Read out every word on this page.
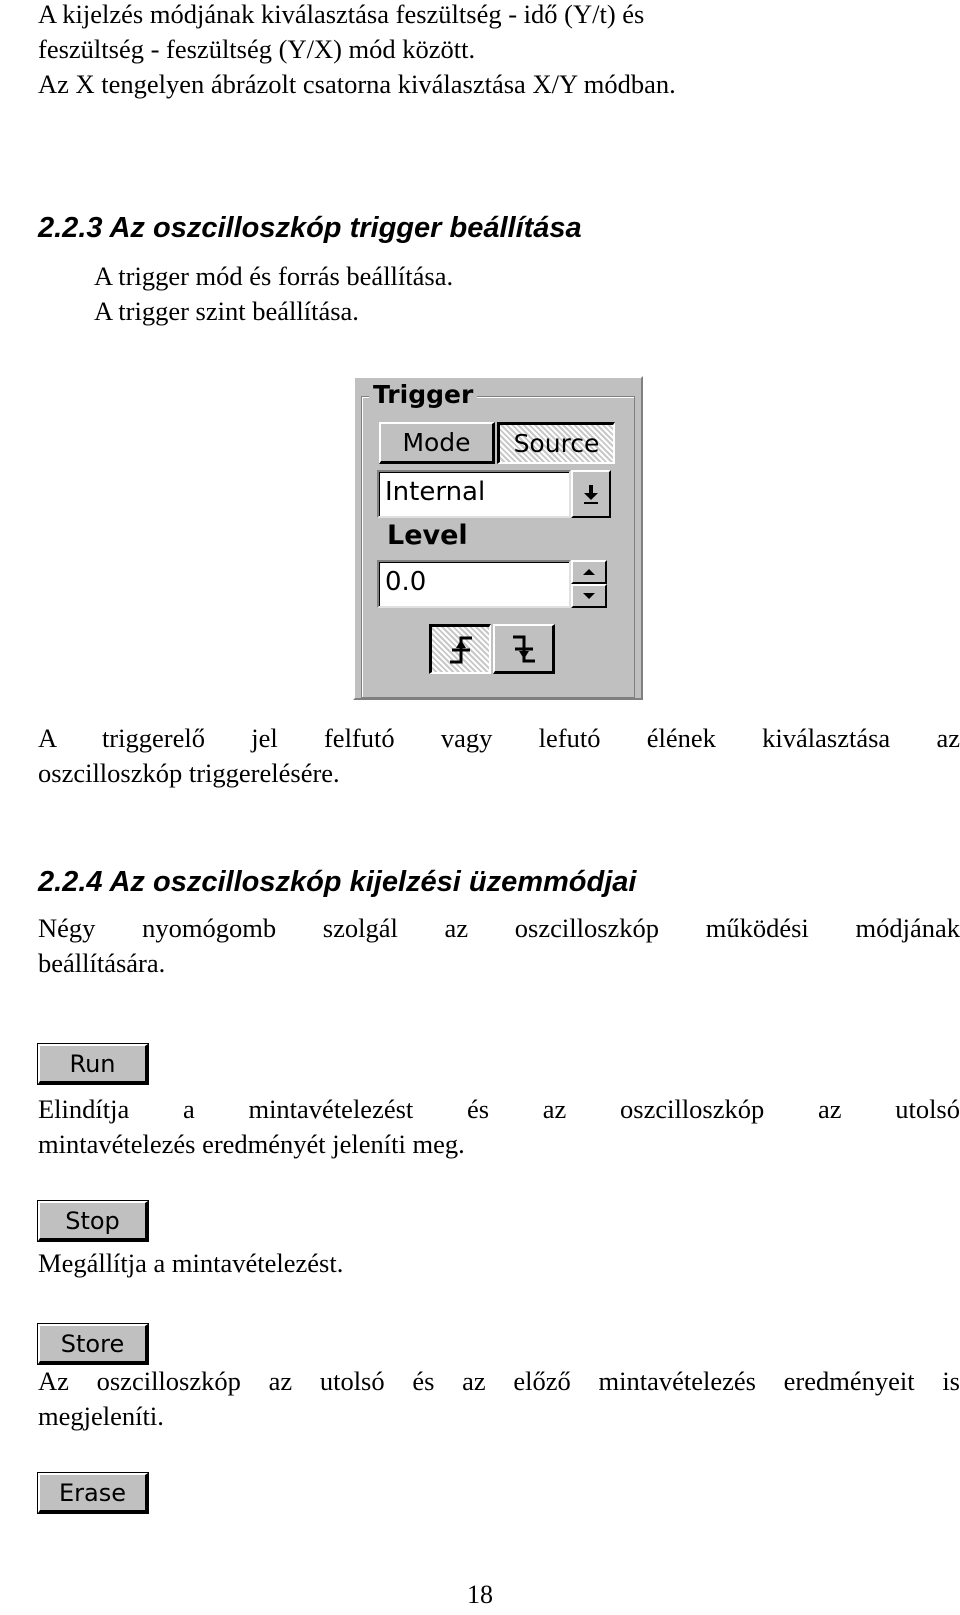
A kijelzés módjának kiválasztása feszültség - idő (Y/t) és
feszültség - feszültség (Y/X) mód között.
Az X tengelyen ábrázolt csatorna kiválasztása X/Y módban.
2.2.3 Az oszcilloszkóp trigger beállítása
A trigger mód és forrás beállítása.
A trigger szint beállítása.
Trigger
Mode	Source
Internal
Level
0.0
A triggerelő jel felfutó vagy lefutó élének kiválasztása az
oszcilloszkóp triggerelésére.
2.2.4 Az oszcilloszkóp kijelzési üzemmódjai
Négy nyomógomb szolgál az oszcilloszkóp működési módjának
beállítására.
Run
Elindítja a mintavételezést és az oszcilloszkóp az utolsó
mintavételezés eredményét jeleníti meg.
Stop
Megállítja a mintavételezést.
Store
Az oszcilloszkóp az utolsó és az előző mintavételezés eredményeit is
megjeleníti.
Erase
18
